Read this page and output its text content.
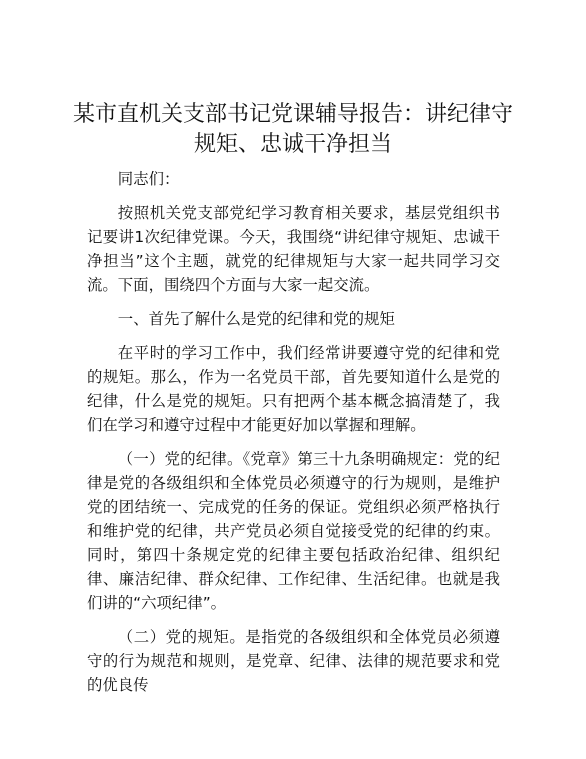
某市直机关支部书记党课辅导报告：讲纪律守
规矩、忠诚干净担当

同志们：

按照机关党支部党纪学习教育相关要求，基层党组织书记要讲1次纪律党课。今天，我围绕“讲纪律守规矩、忠诚干净担当”这个主题，就党的纪律规矩与大家一起共同学习交流。下面，围绕四个方面与大家一起交流。

一、首先了解什么是党的纪律和党的规矩

在平时的学习工作中，我们经常讲要遵守党的纪律和党的规矩。那么，作为一名党员干部，首先要知道什么是党的纪律，什么是党的规矩。只有把两个基本概念搞清楚了，我们在学习和遵守过程中才能更好加以掌握和理解。

（一）党的纪律。《党章》第三十九条明确规定：党的纪律是党的各级组织和全体党员必须遵守的行为规则，是维护党的团结统一、完成党的任务的保证。党组织必须严格执行和维护党的纪律，共产党员必须自觉接受党的纪律的约束。同时，第四十条规定党的纪律主要包括政治纪律、组织纪律、廉洁纪律、群众纪律、工作纪律、生活纪律。也就是我们讲的“六项纪律”。

（二）党的规矩。是指党的各级组织和全体党员必须遵守的行为规范和规则，是党章、纪律、法律的规范要求和党的优良传
